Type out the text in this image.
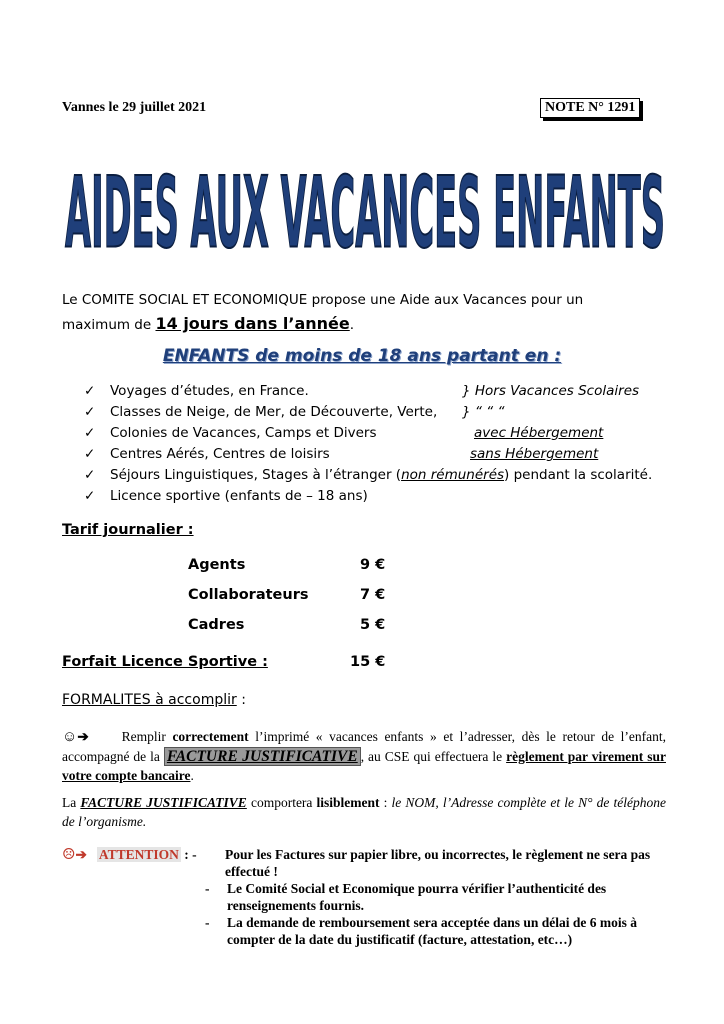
Vannes le 29 juillet 2021	NOTE N° 1291
AIDES AUX VACANCES ENFANTS
Le COMITE SOCIAL ET ECONOMIQUE propose une Aide aux Vacances pour un
maximum de 14 jours dans l’année.
ENFANTS de moins de 18 ans partant en :
✓ Voyages d’études, en France.	} Hors Vacances Scolaires
✓ Classes de Neige, de Mer, de Découverte, Verte, } “ “ “
✓ Colonies de Vacances, Camps et Divers	avec Hébergement
✓ Centres Aérés, Centres de loisirs	sans Hébergement
✓ Séjours Linguistiques, Stages à l’étranger (non rémunérés) pendant la scolarité.
✓ Licence sportive (enfants de – 18 ans)
Tarif journalier :
Agents	9 €
Collaborateurs	7 €
Cadres	5 €
Forfait Licence Sportive :	15 €
FORMALITES à accomplir :
☺➔ Remplir correctement l’imprimé « vacances enfants » et l’adresser, dès le retour de l’enfant, accompagné de la FACTURE JUSTIFICATIVE , au CSE qui effectuera le règlement par virement sur votre compte bancaire.
La FACTURE JUSTIFICATIVE comportera lisiblement : le NOM, l’Adresse complète et le N° de téléphone de l’organisme.
☹➔ ATTENTION : - Pour les Factures sur papier libre, ou incorrectes, le règlement ne sera pas effectué !
- Le Comité Social et Economique pourra vérifier l’authenticité des renseignements fournis.
- La demande de remboursement sera acceptée dans un délai de 6 mois à compter de la date du justificatif (facture, attestation, etc…)
